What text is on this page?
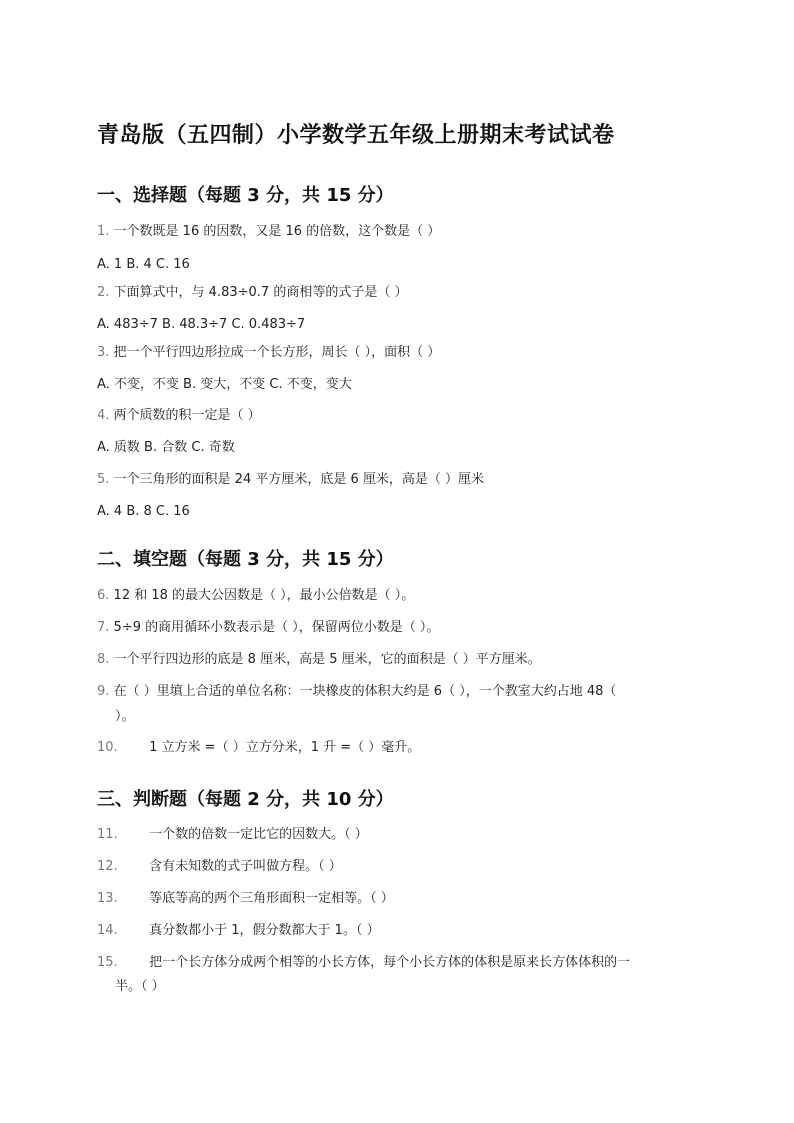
青岛版（五四制）小学数学五年级上册期末考试试卷
一、选择题（每题 3 分，共 15 分）
1. 一个数既是 16 的因数，又是 16 的倍数，这个数是（ ）
A. 1 B. 4 C. 16
2. 下面算式中，与 4.83÷0.7 的商相等的式子是（ ）
A. 483÷7 B. 48.3÷7 C. 0.483÷7
3. 把一个平行四边形拉成一个长方形，周长（ ），面积（ ）
A. 不变，不变 B. 变大，不变 C. 不变，变大
4. 两个质数的积一定是（ ）
A. 质数 B. 合数 C. 奇数
5. 一个三角形的面积是 24 平方厘米，底是 6 厘米，高是（ ）厘米
A. 4 B. 8 C. 16
二、填空题（每题 3 分，共 15 分）
6. 12 和 18 的最大公因数是（ ），最小公倍数是（ ）。
7. 5÷9 的商用循环小数表示是（ ），保留两位小数是（ ）。
8. 一个平行四边形的底是 8 厘米，高是 5 厘米，它的面积是（ ）平方厘米。
9. 在（ ）里填上合适的单位名称：一块橡皮的体积大约是 6（ ），一个教室大约占地 48（
）。
10. 1 立方米 =（ ）立方分米，1 升 =（ ）毫升。
三、判断题（每题 2 分，共 10 分）
11. 一个数的倍数一定比它的因数大。（ ）
12. 含有未知数的式子叫做方程。（ ）
13. 等底等高的两个三角形面积一定相等。（ ）
14. 真分数都小于 1，假分数都大于 1。（ ）
15. 把一个长方体分成两个相等的小长方体，每个小长方体的体积是原来长方体体积的一
半。（ ）
